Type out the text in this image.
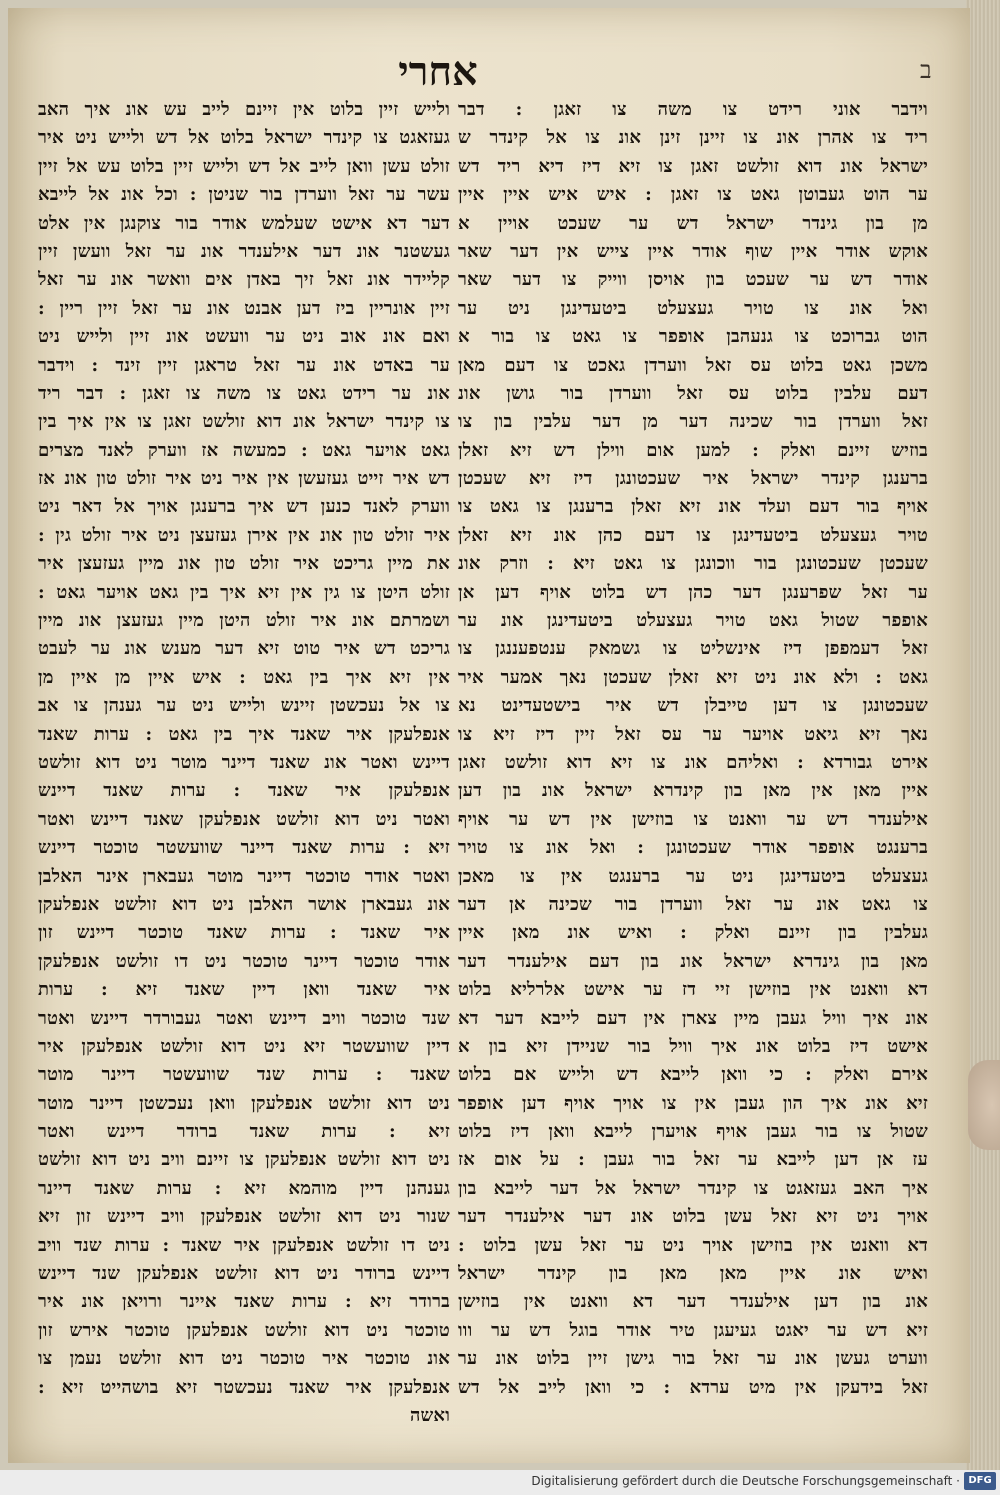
אחרי	ב
וידבר אוני רידט צו משה צו זאגן : דבר
ריד צו אהרן אונ צו זיינן זינן אונ צו אל קינדר ש
ישראל אונ דוא זולשט זאגן צו זיא דיז דיא ריד דש
ער הוט געבוטן גאט צו זאגן : איש איש איין איין
מן בון גינדר ישראל דש ער שעכט אויין א
אוקש אודר איין שוף אודר איין צייש אין דער שאר
אודר דש ער שעכט בון אויסן ווייק צו דער שאר
ואל אונ צו טויר געצעלט ביטעדינגן ניט ער
הוט גברוכט צו גנעהבן אופפר צו גאט צו בור א
משכן גאט בלוט עס זאל ווערדן גאכט צו דעם מאן
דעם עלבין בלוט עס זאל ווערדן בור גושן אונ
זאל ווערדן בור שכינה דער מן דער עלבין בון צו
בוזיש זיינם ואלק : למען אום ווילן דש זיא זאלן
ברענגן קינדר ישראל איר שעכטונגן דיז זיא שעכטן
אויף בור דעם ועלד אונ זיא זאלן ברענגן צו גאט צו
טויר געצעלט ביטעדינגן צו דעם כהן אונ זיא זאלן
שעכטן שעכטונגן בור ווכונגן צו גאט זיא : וזרק אונ
ער זאל שפרענגן דער כהן דש בלוט אויף דען אן
אופפר שטול גאט טויר געצעלט ביטעדינגן אונ ער
זאל דעמפפן דיז אינשליט צו גשמאק ענטפעננגן צו
גאט : ולא אונ ניט זיא זאלן שעכטן נאך אמער איר
שעכטונגן צו דען טייבלן דש איר בישטעדינט נא
נאך זיא גיאט אויער ער עס זאל זיין דיז זיא צו
אירט גבורדא : ואליהם אונ צו זיא דוא זולשט זאגן
איין מאן אין מאן בון קינדרא ישראל אונ בון דען
אילענדר דש ער וואנט צו בוזישן אין דש ער אויף
ברענגט אופפר אודר שעכטונגן : ואל אונ צו טויר
געצעלט ביטעדינגן ניט ער ברענגט אין צו מאכן
צו גאט אונ ער זאל ווערדן בור שכינה אן דער
געלבין בון זיינם ואלק : ואיש אונ מאן איין
מאן בון גינדרא ישראל אונ בון דעם אילענדר דער
דא וואנט אין בוזישן זיי דז ער אישט אלרליא בלוט
אונ איך וויל געבן מיין צארן אין דעם לייבא דער דא
אישט דיז בלוט אונ איך וויל בור שניידן זיא בון א
אירם ואלק : כי וואן לייבא דש ולייש אם בלוט
זיא אונ איך הון געבן אין צו אויך אויף דען אופפר
שטול צו בור געבן אויף אויערן לייבא וואן דיז בלוט
עז אן דען לייבא ער זאל בור געבן : על אום אז
איך האב געזאגט צו קינדר ישראל אל דער לייבא בון
אויך ניט זיא זאל עשן בלוט אונ דער אילענדר דער
דא וואנט אין בוזישן אויך ניט ער זאל עשן בלוט :
ואיש אונ איין מאן מאן בון קינדר ישראל
אונ בון דען אילענדר דער דא וואנט אין בוזישן
זיא דש ער יאגט געיעגן טיר אודר בוגל דש ער ווו
ווערט געשן אונ ער זאל בור גישן זיין בלוט אונ ער
זאל בידעקן אין מיט ערדא : כי וואן לייב אל דש
ולייש זיין בלוט אין זיינם לייב עש אונ איך האב
געזאגט צו קינדר ישראל בלוט אל דש ולייש ניט איר
זולט עשן וואן לייב אל דש ולייש זיין בלוט עש אל זיין
עשר ער זאל ווערדן בור שניטן : וכל אונ אל לייבא
דער דא אישט שעלמש אודר בור צוקנגן אין אלט
געשטנר אונ דער אילענדר אונ ער זאל וועשן זיין
קליידר אונ זאל זיך באדן אים וואשר אונ ער זאל
זיין אונריין ביז דען אבנט אונ ער זאל זיין ריין :
ואם אונ אוב ניט ער וועשט אונ זיין ולייש ניט
ער באדט אונ ער זאל טראגן זיין זינד : וידבר
אונ ער רידט גאט צו משה צו זאגן : דבר ריד
צו קינדר ישראל אונ דוא זולשט זאגן צו אין איך בין
גאט אויער גאט : כמעשה אז ווערק לאנד מצרים
דש איר זייט געזעשן אין איר ניט איר זולט טון אונ אז
ווערק לאנד כנען דש איך ברענגן אויך אל דאר ניט
איר זולט טון אונ אין אירן געזעצן ניט איר זולט גין :
את מיין גריכט איר זולט טון אונ מיין געזעצן איר
זולט היטן צו גין אין זיא איך בין גאט אויער גאט :
ושמרתם אונ איר זולט היטן מיין געזעצן אונ מיין
גריכט דש איר טוט זיא דער מענש אונ ער לעבט
אין זיא איך בין גאט : איש איין מן איין מן
צו אל נעכשטן זיינש ולייש ניט ער גענהן צו אב
אנפלעקן איר שאנד איך בין גאט : ערות שאנד
דיינש ואטר אונ שאנד דיינר מוטר ניט דוא זולשט
אנפלעקן איר שאנד : ערות שאנד דיינש
ואטר ניט דוא זולשט אנפלעקן שאנד דיינש ואטר
זיא : ערות שאנד דיינר שוועשטר טוכטר דיינש
ואטר אודר טוכטר דיינר מוטר געבארן אינר האלבן
אונ געבארן אושר האלבן ניט דוא זולשט אנפלעקן
איר שאנד : ערות שאנד טוכטר דיינש זון
אודר טוכטר דיינר טוכטר ניט דו זולשט אנפלעקן
איר שאנד וואן דיין שאנד זיא : ערות
שנד טוכטר וויב דיינש ואטר געבורדר דיינש ואטר
דיין שוועשטר זיא ניט דוא זולשט אנפלעקן איר
שאנד : ערות שנד שוועשטר דיינר מוטר
ניט דוא זולשט אנפלעקן וואן נעכשטן דיינר מוטר
זיא : ערות שאנד ברודר דיינש ואטר
ניט דוא זולשט אנפלעקן צו זיינם וויב ניט דוא זולשט
גענהנן דיין מוהמא זיא : ערות שאנד דיינר
שנור ניט דוא זולשט אנפלעקן וויב דיינש זון זיא
ניט דו זולשט אנפלעקן איר שאנד : ערות שנד וויב
דיינש ברודר ניט דוא זולשט אנפלעקן שנד דיינש
ברודר זיא : ערות שאנד איינר ורויאן אונ איר
טוכטר ניט דוא זולשט אנפלעקן טוכטר אירש זון
אונ טוכטר איר טוכטר ניט דוא זולשט נעמן צו
אנפלעקן איר שאנד נעכשטר זיא בושהייט זיא :
ואשה
Digitalisierung gefördert durch die Deutsche Forschungsgemeinschaft · DFG
